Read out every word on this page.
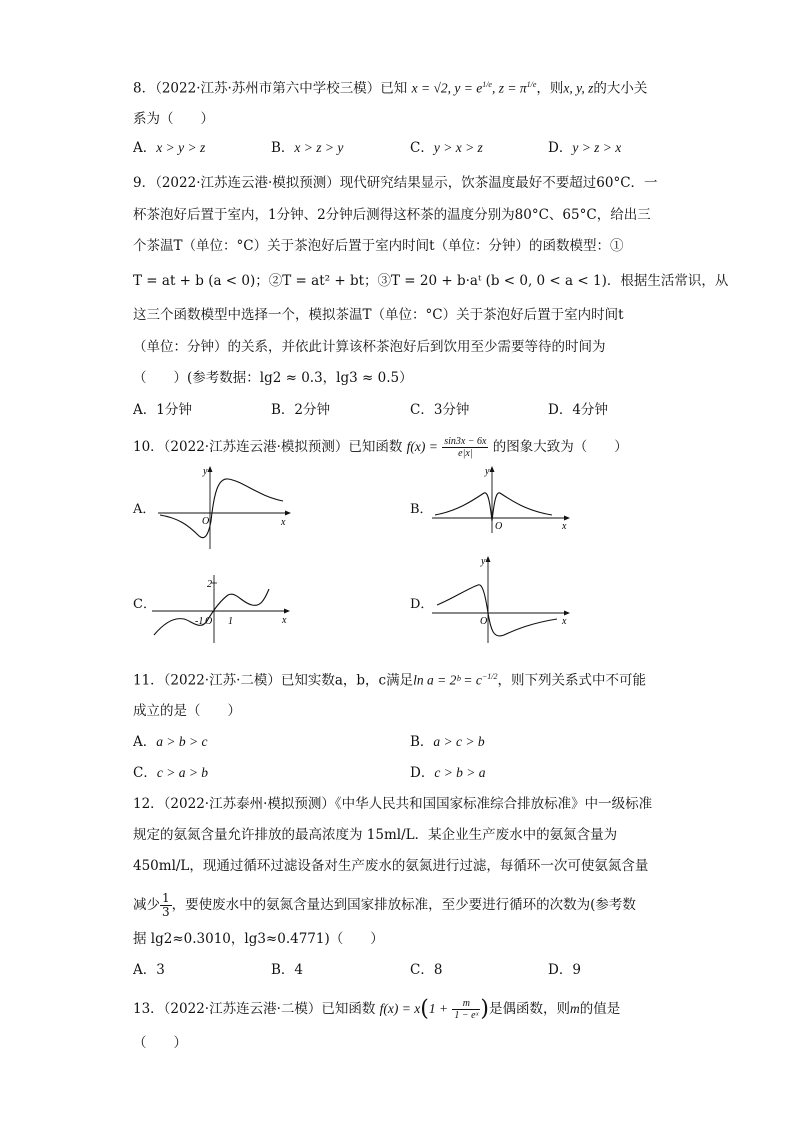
8．（2022·江苏·苏州市第六中学校三模）已知 x = √2, $y = e^{1/e}$, $z = \pi^{1/e}$，则x, y, z的大小关
系为（　　）
A．x > y > z	B．x > z > y	C．y > x > z	D．y > z > x
9．（2022·江苏连云港·模拟预测）现代研究结果显示，饮茶温度最好不要超过60°C．一
杯茶泡好后置于室内，1分钟、2分钟后测得这杯茶的温度分别为80°C、65°C，给出三
个茶温T（单位：°C）关于茶泡好后置于室内时间t（单位：分钟）的函数模型：①
T = at + b (a < 0)；②T = at² + bt；③T = 20 + b·aᵗ (b < 0, 0 < a < 1)．根据生活常识，从
这三个函数模型中选择一个，模拟茶温T（单位：°C）关于茶泡好后置于室内时间t
（单位：分钟）的关系，并依此计算该杯茶泡好后到饮用至少需要等待的时间为
（　　）(参考数据：lg2 ≈ 0.3，lg3 ≈ 0.5）
A．1分钟	B．2分钟	C．3分钟	D．4分钟
10．（2022·江苏连云港·模拟预测）已知函数 $f(x) = \frac{\sin 3x - 6x}{e|x|}$ 的图象大致为（　　）
A．	B．
C．	D．
y
x
O
y
x
O
2
-1 O 1	x
y
x
O
11．（2022·江苏·二模）已知实数a，b，c满足ln a = 2ᵇ = $c^{-1/2}$，则下列关系式中不可能
成立的是（　　）
A．a > b > c	B．a > c > b
C．c > a > b	D．c > b > a
12．（2022·江苏泰州·模拟预测）《中华人民共和国国家标准综合排放标准》中一级标准
规定的氨氮含量允许排放的最高浓度为 15ml/L．某企业生产废水中的氨氮含量为
450ml/L，现通过循环过滤设备对生产废水的氨氮进行过滤，每循环一次可使氨氮含量
减少 $\frac{1}{3}$ ，要使废水中的氨氮含量达到国家排放标准，至少要进行循环的次数为(参考数
据 lg2≈0.3010，lg3≈0.4771)（　　）
A．3	B．4	C．8	D．9
13．（2022·江苏连云港·二模）已知函数 $f(x) = x(1 + \frac{m}{\text{1 − eˣ}}$ )是偶函数，则m的值是
（　　）
